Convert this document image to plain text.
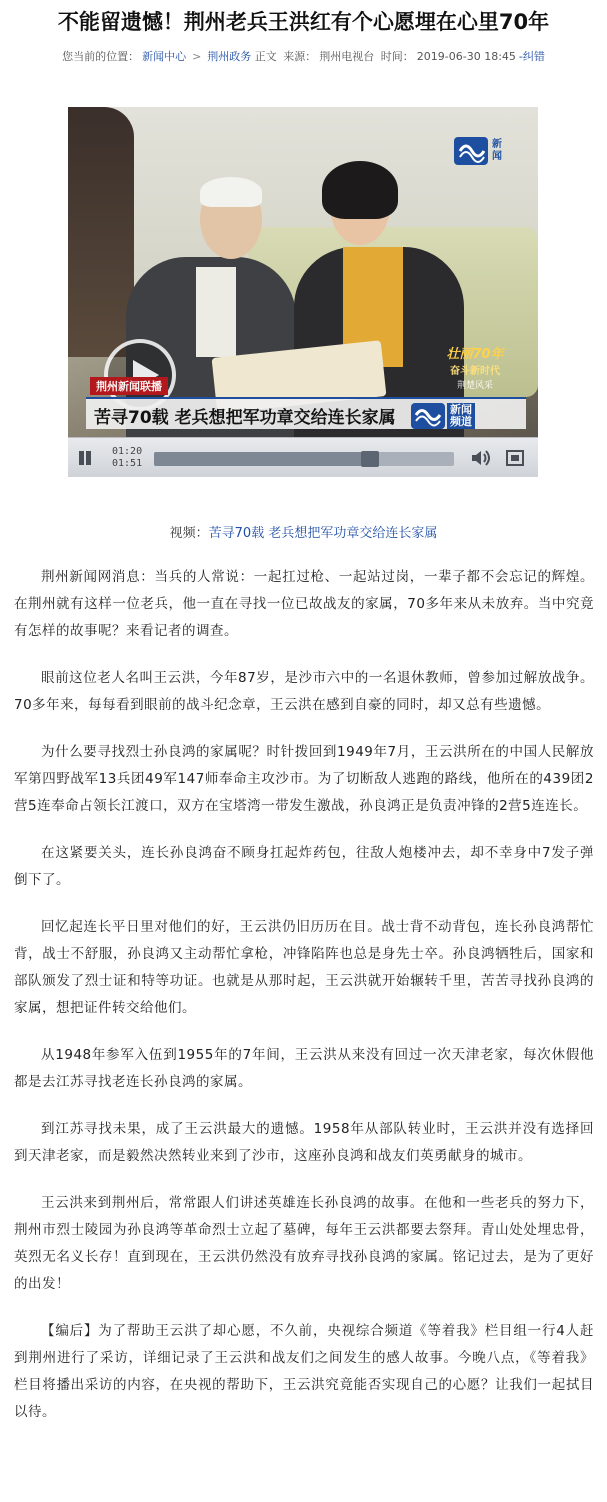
不能留遗憾！荆州老兵王洪红有个心愿埋在心里70年
您当前的位置： 新闻中心 > 荆州政务 正文 来源： 荆州电视台 时间： 2019-06-30 18:45 -纠错
新闻
壮丽70年
奋斗新时代
荆楚风采
荆州新闻联播
苦寻70载 老兵想把军功章交给连长家属	新闻频道
01:20
01:51
视频：苦寻70载 老兵想把军功章交给连长家属

荆州新闻网消息：当兵的人常说：一起扛过枪、一起站过岗，一辈子都不会忘记的辉煌。在荆州就有这样一位老兵，他一直在寻找一位已故战友的家属，70多年来从未放弃。当中究竟有怎样的故事呢？来看记者的调查。

眼前这位老人名叫王云洪，今年87岁，是沙市六中的一名退休教师，曾参加过解放战争。70多年来，每每看到眼前的战斗纪念章，王云洪在感到自豪的同时，却又总有些遗憾。

为什么要寻找烈士孙良鸿的家属呢？时针拨回到1949年7月，王云洪所在的中国人民解放军第四野战军13兵团49军147师奉命主攻沙市。为了切断敌人逃跑的路线，他所在的439团2营5连奉命占领长江渡口，双方在宝塔湾一带发生激战，孙良鸿正是负责冲锋的2营5连连长。

在这紧要关头，连长孙良鸿奋不顾身扛起炸药包，往敌人炮楼冲去，却不幸身中7发子弹倒下了。

回忆起连长平日里对他们的好，王云洪仍旧历历在目。战士背不动背包，连长孙良鸿帮忙背，战士不舒服，孙良鸿又主动帮忙拿枪，冲锋陷阵也总是身先士卒。孙良鸿牺牲后，国家和部队颁发了烈士证和特等功证。也就是从那时起，王云洪就开始辗转千里，苦苦寻找孙良鸿的家属，想把证件转交给他们。

从1948年参军入伍到1955年的7年间，王云洪从来没有回过一次天津老家，每次休假他都是去江苏寻找老连长孙良鸿的家属。

到江苏寻找未果，成了王云洪最大的遗憾。1958年从部队转业时，王云洪并没有选择回到天津老家，而是毅然决然转业来到了沙市，这座孙良鸿和战友们英勇献身的城市。

王云洪来到荆州后，常常跟人们讲述英雄连长孙良鸿的故事。在他和一些老兵的努力下，荆州市烈士陵园为孙良鸿等革命烈士立起了墓碑，每年王云洪都要去祭拜。青山处处埋忠骨，英烈无名义长存！直到现在，王云洪仍然没有放弃寻找孙良鸿的家属。铭记过去，是为了更好的出发！

【编后】为了帮助王云洪了却心愿，不久前，央视综合频道《等着我》栏目组一行4人赶到荆州进行了采访，详细记录了王云洪和战友们之间发生的感人故事。今晚八点，《等着我》栏目将播出采访的内容，在央视的帮助下，王云洪究竟能否实现自己的心愿？让我们一起拭目以待。
